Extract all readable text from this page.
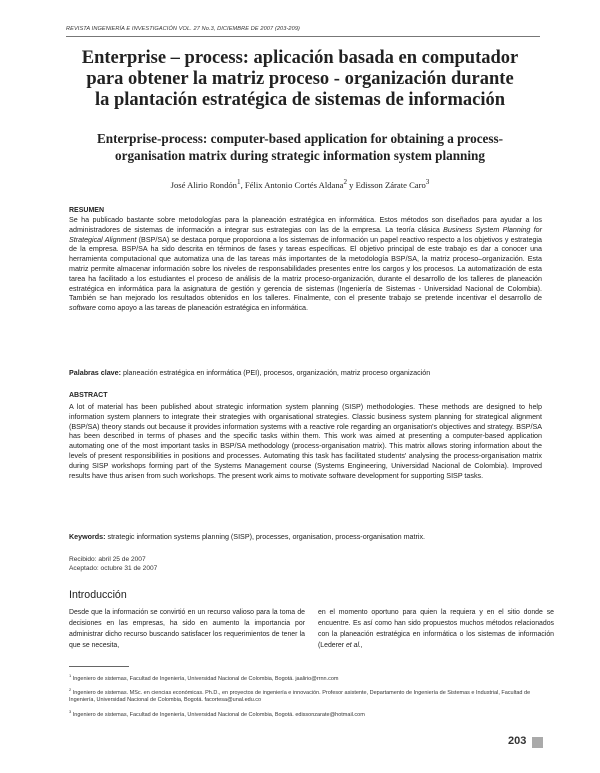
REVISTA INGENIERÍA E INVESTIGACIÓN VOL. 27 No.3, DICIEMBRE DE 2007 (203-209)
Enterprise – process: aplicación basada en computador
para obtener la matriz proceso - organización durante
la plantación estratégica de sistemas de información
Enterprise-process: computer-based application for obtaining a process-
organisation matrix during strategic information system planning
José Alirio Rondón$^1$, Félix Antonio Cortés Aldana$^2$ y Edisson Zárate Caro$^3$
RESUMEN
Se ha publicado bastante sobre metodologías para la planeación estratégica en informática. Estos métodos son diseñados para ayudar a los administradores de sistemas de información a integrar sus estrategias con las de la empresa. La teoría clásica Business System Planning for Strategical Alignment (BSP/SA) se destaca porque proporciona a los sistemas de información un papel reactivo respecto a los objetivos y estrategia de la empresa. BSP/SA ha sido descrita en términos de fases y tareas específicas. El objetivo principal de este trabajo es dar a conocer una herramienta computacional que automatiza una de las tareas más importantes de la metodología BSP/SA, la matriz proceso–organización. Esta matriz permite almacenar información sobre los niveles de responsabilidades presentes entre los cargos y los procesos. La automatización de esta tarea ha facilitado a los estudiantes el proceso de análisis de la matriz proceso-organización, durante el desarrollo de los talleres de planeación estratégica en informática para la asignatura de gestión y gerencia de sistemas (Ingeniería de Sistemas - Universidad Nacional de Colombia). También se han mejorado los resultados obtenidos en los talleres. Finalmente, con el presente trabajo se pretende incentivar el desarrollo de software como apoyo a las tareas de planeación estratégica en informática.
Palabras clave: planeación estratégica en informática (PEI), procesos, organización, matriz proceso organización
ABSTRACT
A lot of material has been published about strategic information system planning (SISP) methodologies. These methods are designed to help information system planners to integrate their strategies with organisational strategies. Classic business system planning for strategical alignment (BSP/SA) theory stands out because it provides information systems with a reactive role regarding an organisation's objectives and strategy. BSP/SA has been described in terms of phases and the specific tasks within them. This work was aimed at presenting a computer-based application automating one of the most important tasks in BSP/SA methodology (process-organisation matrix). This matrix allows storing information about the levels of present responsibilities in positions and processes. Automating this task has facilitated students' analysing the process-organisation matrix during SISP workshops forming part of the Systems Management course (Systems Engineering, Universidad Nacional de Colombia). Improved results have thus arisen from such workshops. The present work aims to motivate software development for supporting SISP tasks.
Keywords: strategic information systems planning (SISP), processes, organisation, process-organisation matrix.
Recibido: abril 25 de 2007
Aceptado: octubre 31 de 2007
Introducción
Desde que la información se convirtió en un recurso valioso para la toma de decisiones en las empresas, ha sido en aumento la importancia por administrar dicho recurso buscando satisfacer los requerimientos de tener la que se necesita,
en el momento oportuno para quien la requiera y en el sitio donde se encuentre. Es así como han sido propuestos muchos métodos relacionados con la planeación estratégica en informática o los sistemas de información (Lederer et al.,
$^1$ Ingeniero de sistemas, Facultad de Ingeniería, Universidad Nacional de Colombia, Bogotá. jaalirio@rrnn.com
$^2$ Ingeniero de sistemas. MSc. en ciencias económicas. Ph.D., en proyectos de ingeniería e innovación. Profesor asistente, Departamento de Ingeniería de Sistemas e Industrial, Facultad de Ingeniería, Universidad Nacional de Colombia, Bogotá. facortesa@unal.edu.co
$^3$ Ingeniero de sistemas, Facultad de Ingeniería, Universidad Nacional de Colombia, Bogotá. edissonzarate@hotmail.com
203
